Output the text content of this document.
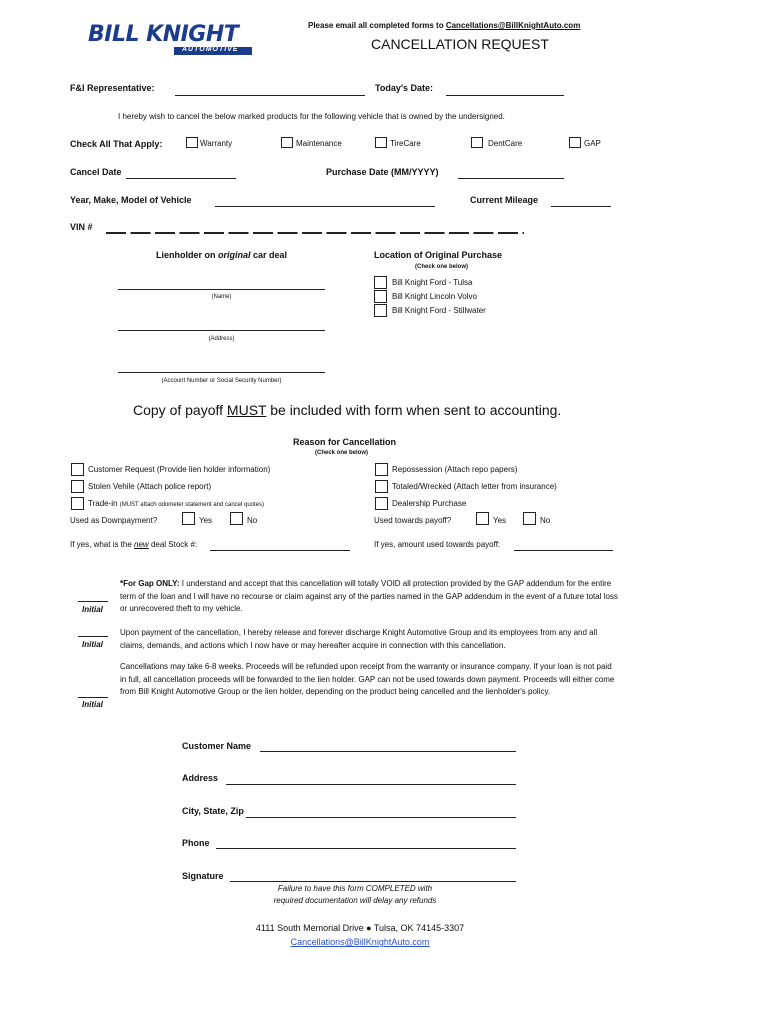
BILL KNIGHT
AUTOMOTIVE
Please email all completed forms to Cancellations@BillKnightAuto.com
CANCELLATION REQUEST
F&I Representative:	Today's Date:
I hereby wish to cancel the below marked products for the following vehicle that is owned by the undersigned.
Check All That Apply:	Warranty	Maintenance	TireCare	DentCare	GAP
Cancel Date	Purchase Date (MM/YYYY)
Year, Make, Model of Vehicle	Current Mileage
VIN #
Lienholder on original car deal
(Name)
(Address)
(Account Number or Social Security Number)
Location of Original Purchase
(Check one below)
Bill Knight Ford - Tulsa
Bill Knight Lincoln Volvo
Bill Knight Ford - Stillwater
Copy of payoff MUST be included with form when sent to accounting.
Reason for Cancellation
(Check one below)
Customer Request (Provide lien holder information)
Stolen Vehile (Attach police report)
Trade-in (MUST attach odometer statement and cancel quotes)
Repossession (Attach repo papers)
Totaled/Wrecked (Attach letter from insurance)
Dealership Purchase
Used as Downpayment?	Yes	No	Used towards payoff?	Yes	No
If yes, what is the new deal Stock #:	If yes, amount used towards payoff:
Initial
*For Gap ONLY: I understand and accept that this cancellation will totally VOID all protection provided by the GAP addendum for the entire term of the loan and I will have no recourse or claim against any of the parties named in the GAP addendum in the event of a future total loss or unrecovered theft to my vehicle.
Initial
Upon payment of the cancellation, I hereby release and forever discharge Knight Automotive Group and its employees from any and all claims, demands, and actions which I now have or may hereafter acquire in connection with this cancellation.
Initial
Cancellations may take 6-8 weeks. Proceeds will be refunded upon receipt from the warranty or insurance company. If your loan is not paid in full, all cancellation proceeds will be forwarded to the lien holder. GAP can not be used towards down payment. Proceeds will either come from Bill Knight Automotive Group or the lien holder, depending on the product being cancelled and the lienholder's policy.
Customer Name
Address
City, State, Zip
Phone
Signature
Failure to have this form COMPLETED with
required documentation will delay any refunds
4111 South Memorial Drive ● Tulsa, OK 74145-3307
Cancellations@BillKnightAuto.com
